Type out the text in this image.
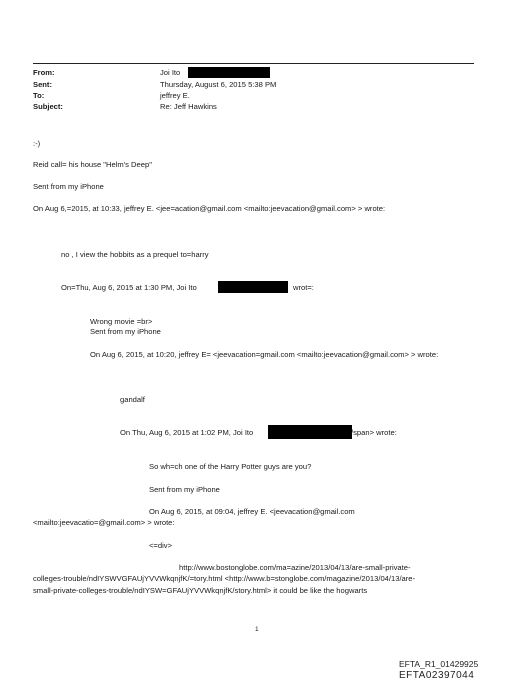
From:	Joi Ito
Sent:	Thursday, August 6, 2015 5:38 PM
To:	jeffrey E.
Subject:	Re: Jeff Hawkins
:-)
Reid call= his house "Helm's Deep"
Sent from my iPhone
On Aug 6,=2015, at 10:33, jeffrey E. <jee=acation@gmail.com <mailto:jeevacation@gmail.com> > wrote:
no , I view the hobbits as a prequel to=harry
On=Thu, Aug 6, 2015 at 1:30 PM, Joi Ito	wrot=:
Wrong movie =br>
Sent from my iPhone
On Aug 6, 2015, at 10:20, jeffrey E= <jeevacation=gmail.com <mailto:jeevacation@gmail.com> > wrote:
gandalf
On Thu, Aug 6, 2015 at 1:02 PM, Joi Ito	/span> wrote:
So wh=ch one of the Harry Potter guys are you?
Sent from my iPhone
On Aug 6, 2015, at 09:04, jeffrey E. <jeevacation@gmail.com
<mailto:jeevacatio=@gmail.com> > wrote:
<=div>
http://www.bostonglobe.com/ma=azine/2013/04/13/are-small-private-
colleges-trouble/ndIYSWVGFAUjYVVWkqnjfK/=tory.html <http://www.b=stonglobe.com/magazine/2013/04/13/are-
small-private-colleges-trouble/ndIYSW=GFAUjYVVWkqnjfK/story.html> it could be like the hogwarts
1
EFTA_R1_01429925
EFTA02397044
